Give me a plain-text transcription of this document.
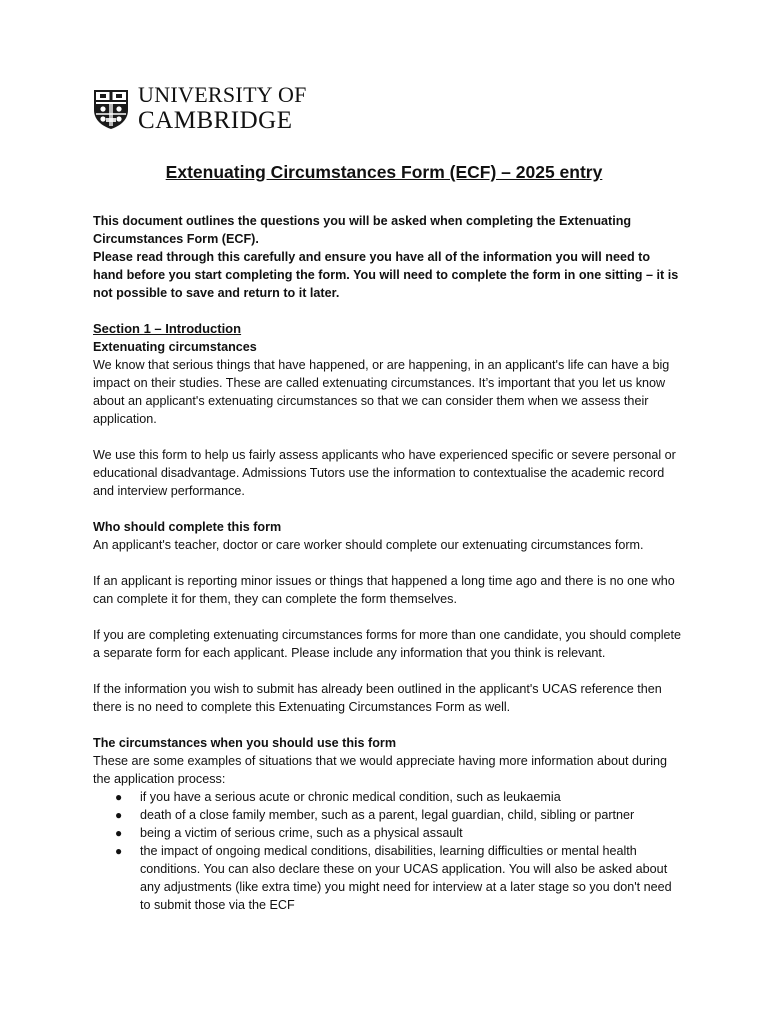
UNIVERSITY OF
CAMBRIDGE
Extenuating Circumstances Form (ECF) – 2025 entry

This document outlines the questions you will be asked when completing the Extenuating Circumstances Form (ECF).

Please read through this carefully and ensure you have all of the information you will need to hand before you start completing the form. You will need to complete the form in one sitting – it is not possible to save and return to it later.

Section 1 – Introduction

Extenuating circumstances

We know that serious things that have happened, or are happening, in an applicant's life can have a big impact on their studies. These are called extenuating circumstances. It’s important that you let us know about an applicant's extenuating circumstances so that we can consider them when we assess their application.

We use this form to help us fairly assess applicants who have experienced specific or severe personal or educational disadvantage. Admissions Tutors use the information to contextualise the academic record and interview performance.

Who should complete this form

An applicant's teacher, doctor or care worker should complete our extenuating circumstances form.

If an applicant is reporting minor issues or things that happened a long time ago and there is no one who can complete it for them, they can complete the form themselves.

If you are completing extenuating circumstances forms for more than one candidate, you should complete a separate form for each applicant. Please include any information that you think is relevant.

If the information you wish to submit has already been outlined in the applicant's UCAS reference then there is no need to complete this Extenuating Circumstances Form as well.

The circumstances when you should use this form

These are some examples of situations that we would appreciate having more information about during the application process:

● if you have a serious acute or chronic medical condition, such as leukaemia
● death of a close family member, such as a parent, legal guardian, child, sibling or partner
● being a victim of serious crime, such as a physical assault
● the impact of ongoing medical conditions, disabilities, learning difficulties or mental health conditions. You can also declare these on your UCAS application. You will also be asked about any adjustments (like extra time) you might need for interview at a later stage so you don't need to submit those via the ECF
